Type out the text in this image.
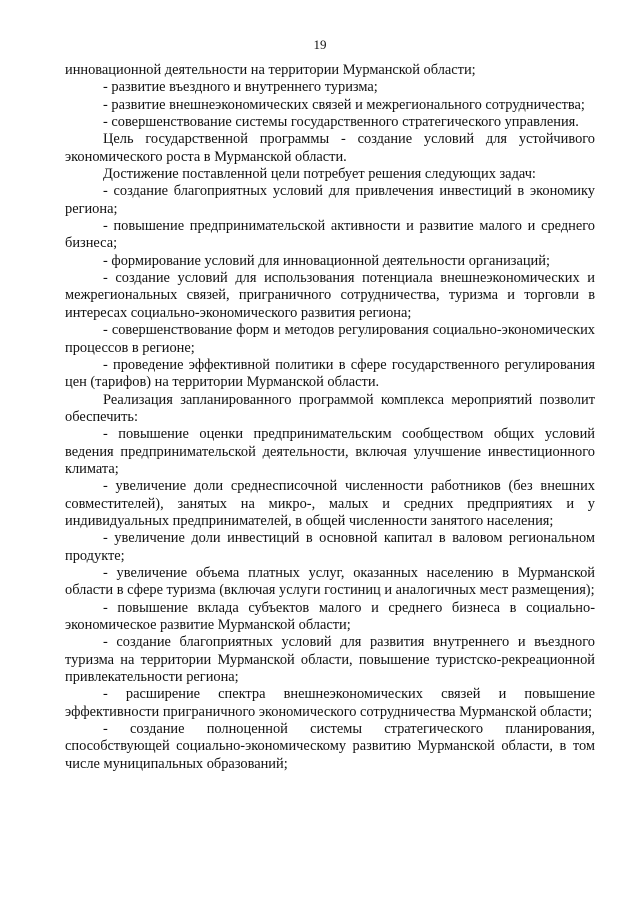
19

инновационной деятельности на территории Мурманской области;

- развитие въездного и внутреннего туризма;

- развитие внешнеэкономических связей и межрегионального сотрудничества;

- совершенствование системы государственного стратегического управления.

Цель государственной программы - создание условий для устойчивого экономического роста в Мурманской области.

Достижение поставленной цели потребует решения следующих задач:

- создание благоприятных условий для привлечения инвестиций в экономику региона;

- повышение предпринимательской активности и развитие малого и среднего бизнеса;

- формирование условий для инновационной деятельности организаций;

- создание условий для использования потенциала внешнеэкономических и межрегиональных связей, приграничного сотрудничества, туризма и торговли в интересах социально-экономического развития региона;

- совершенствование форм и методов регулирования социально-экономических процессов в регионе;

- проведение эффективной политики в сфере государственного регулирования цен (тарифов) на территории Мурманской области.

Реализация запланированного программой комплекса мероприятий позволит обеспечить:

- повышение оценки предпринимательским сообществом общих условий ведения предпринимательской деятельности, включая улучшение инвестиционного климата;

- увеличение доли среднесписочной численности работников (без внешних совместителей), занятых на микро-, малых и средних предприятиях и у индивидуальных предпринимателей, в общей численности занятого населения;

- увеличение доли инвестиций в основной капитал в валовом региональном продукте;

- увеличение объема платных услуг, оказанных населению в Мурманской области в сфере туризма (включая услуги гостиниц и аналогичных мест размещения);

- повышение вклада субъектов малого и среднего бизнеса в социально-экономическое развитие Мурманской области;

- создание благоприятных условий для развития внутреннего и въездного туризма на территории Мурманской области, повышение туристско-рекреационной привлекательности региона;

- расширение спектра внешнеэкономических связей и повышение эффективности приграничного экономического сотрудничества Мурманской области;

- создание полноценной системы стратегического планирования, способствующей социально-экономическому развитию Мурманской области, в том числе муниципальных образований;
